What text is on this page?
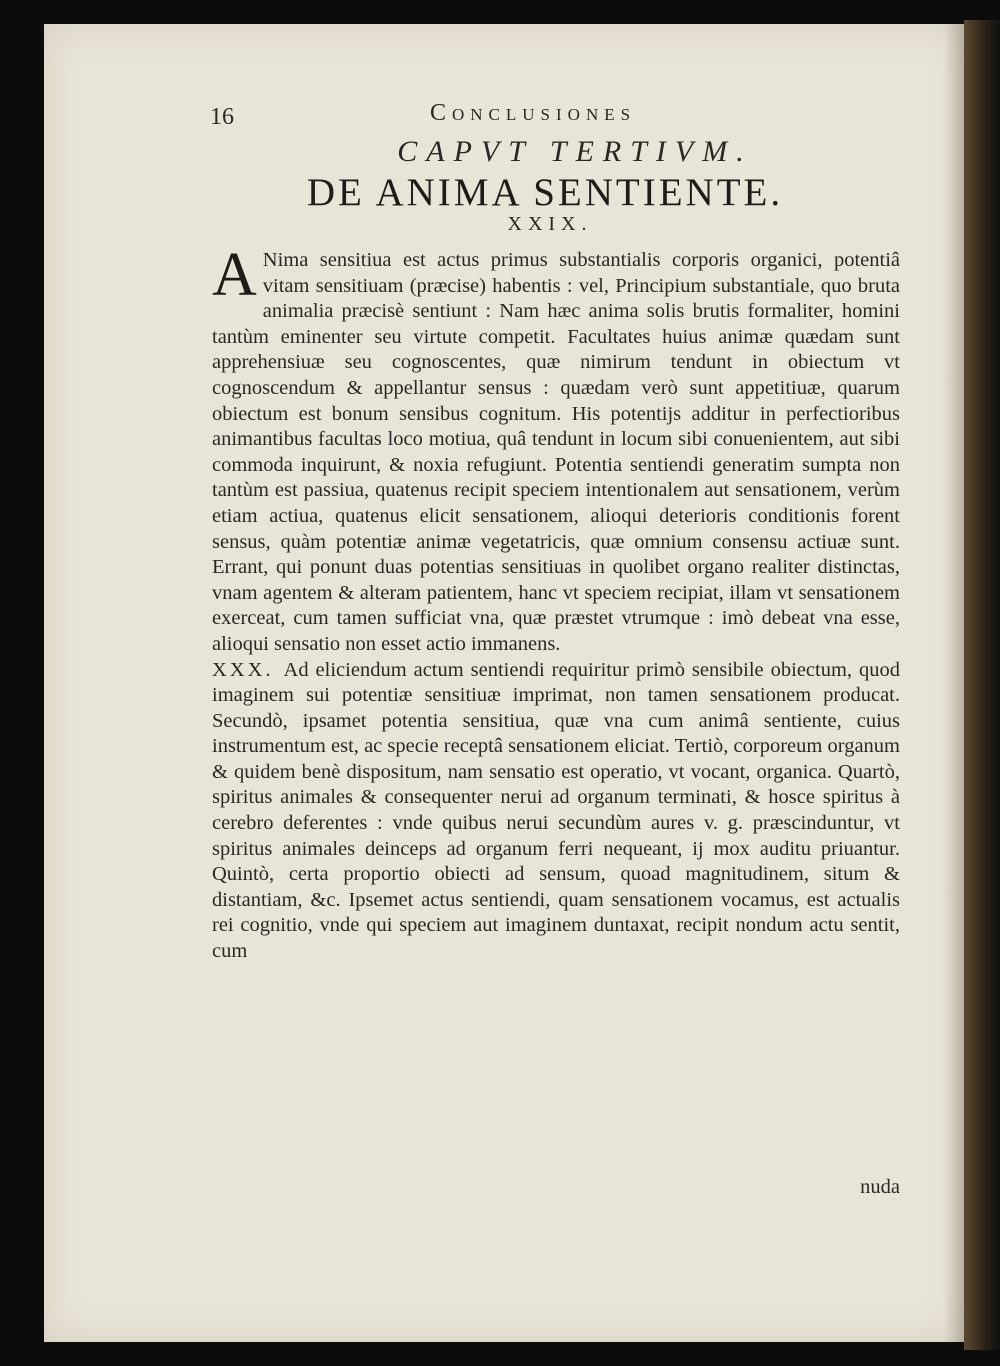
16	Conclusiones
CAPVT TERTIVM.
DE ANIMA SENTIENTE.
XXIX.

A Nima sensitiua est actus primus substantialis corporis organici, potentiâ vitam sensitiuam (præcise) habentis : vel, Principium substantiale, quo bruta animalia præcisè sentiunt : Nam hæc anima solis brutis formaliter, homini tantùm eminenter seu virtute competit. Facultates huius animæ quædam sunt apprehensiuæ seu cognoscentes, quæ nimirum tendunt in obiectum vt cognoscendum & appellantur sensus : quædam verò sunt appetitiuæ, quarum obiectum est bonum sensibus cognitum. His potentijs additur in perfectioribus animantibus facultas loco motiua, quâ tendunt in locum sibi conuenientem, aut sibi commoda inquirunt, & noxia refugiunt. Potentia sentiendi generatim sumpta non tantùm est passiua, quatenus recipit speciem intentionalem aut sensationem, verùm etiam actiua, quatenus elicit sensationem, alioqui deterioris conditionis forent sensus, quàm potentiæ animæ vegetatricis, quæ omnium consensu actiuæ sunt. Errant, qui ponunt duas potentias sensitiuas in quolibet organo realiter distinctas, vnam agentem & alteram patientem, hanc vt speciem recipiat, illam vt sensationem exerceat, cum tamen sufficiat vna, quæ præstet vtrumque : imò debeat vna esse, alioqui sensatio non esset actio immanens.

XXX. Ad eliciendum actum sentiendi requiritur primò sensibile obiectum, quod imaginem sui potentiæ sensitiuæ imprimat, non tamen sensationem producat. Secundò, ipsamet potentia sensitiua, quæ vna cum animâ sentiente, cuius instrumentum est, ac specie receptâ sensationem eliciat. Tertiò, corporeum organum & quidem benè dispositum, nam sensatio est operatio, vt vocant, organica. Quartò, spiritus animales & consequenter nerui ad organum terminati, & hosce spiritus à cerebro deferentes : vnde quibus nerui secundùm aures v. g. præscinduntur, vt spiritus animales deinceps ad organum ferri nequeant, ij mox auditu priuantur. Quintò, certa proportio obiecti ad sensum, quoad magnitudinem, situm & distantiam, &c. Ipsemet actus sentiendi, quam sensationem vocamus, est actualis rei cognitio, vnde qui speciem aut imaginem duntaxat, recipit nondum actu sentit, cum

nuda
